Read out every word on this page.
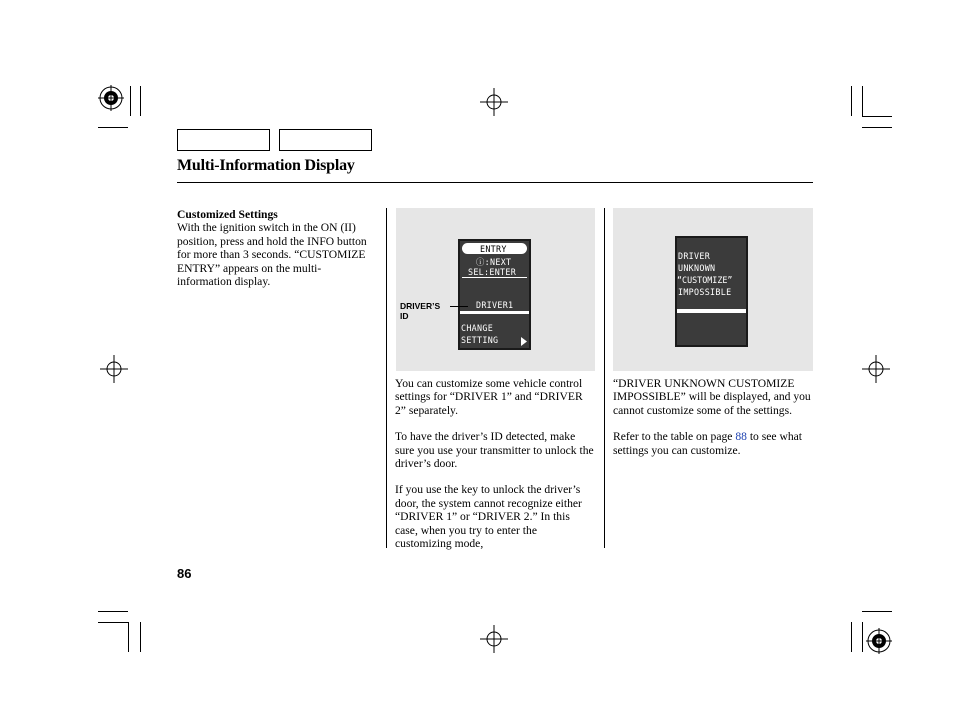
Multi-Information Display

Customized Settings

With the ignition switch in the ON (II) position, press and hold the INFO button for more than 3 seconds. “CUSTOMIZE ENTRY” appears on the multi-information display.

ENTRY
ⓘ:NEXT
SEL:ENTER
DRIVER1
CHANGE
SETTING
DRIVER’S
ID
DRIVER
UNKNOWN
“CUSTOMIZE”
IMPOSSIBLE

You can customize some vehicle control settings for “DRIVER 1” and “DRIVER 2” separately.

To have the driver’s ID detected, make sure you use your transmitter to unlock the driver’s door.

If you use the key to unlock the driver’s door, the system cannot recognize either “DRIVER 1” or “DRIVER 2.” In this case, when you try to enter the customizing mode,

“DRIVER UNKNOWN CUSTOMIZE IMPOSSIBLE” will be displayed, and you cannot customize some of the settings.

Refer to the table on page 88 to see what settings you can customize.

86
